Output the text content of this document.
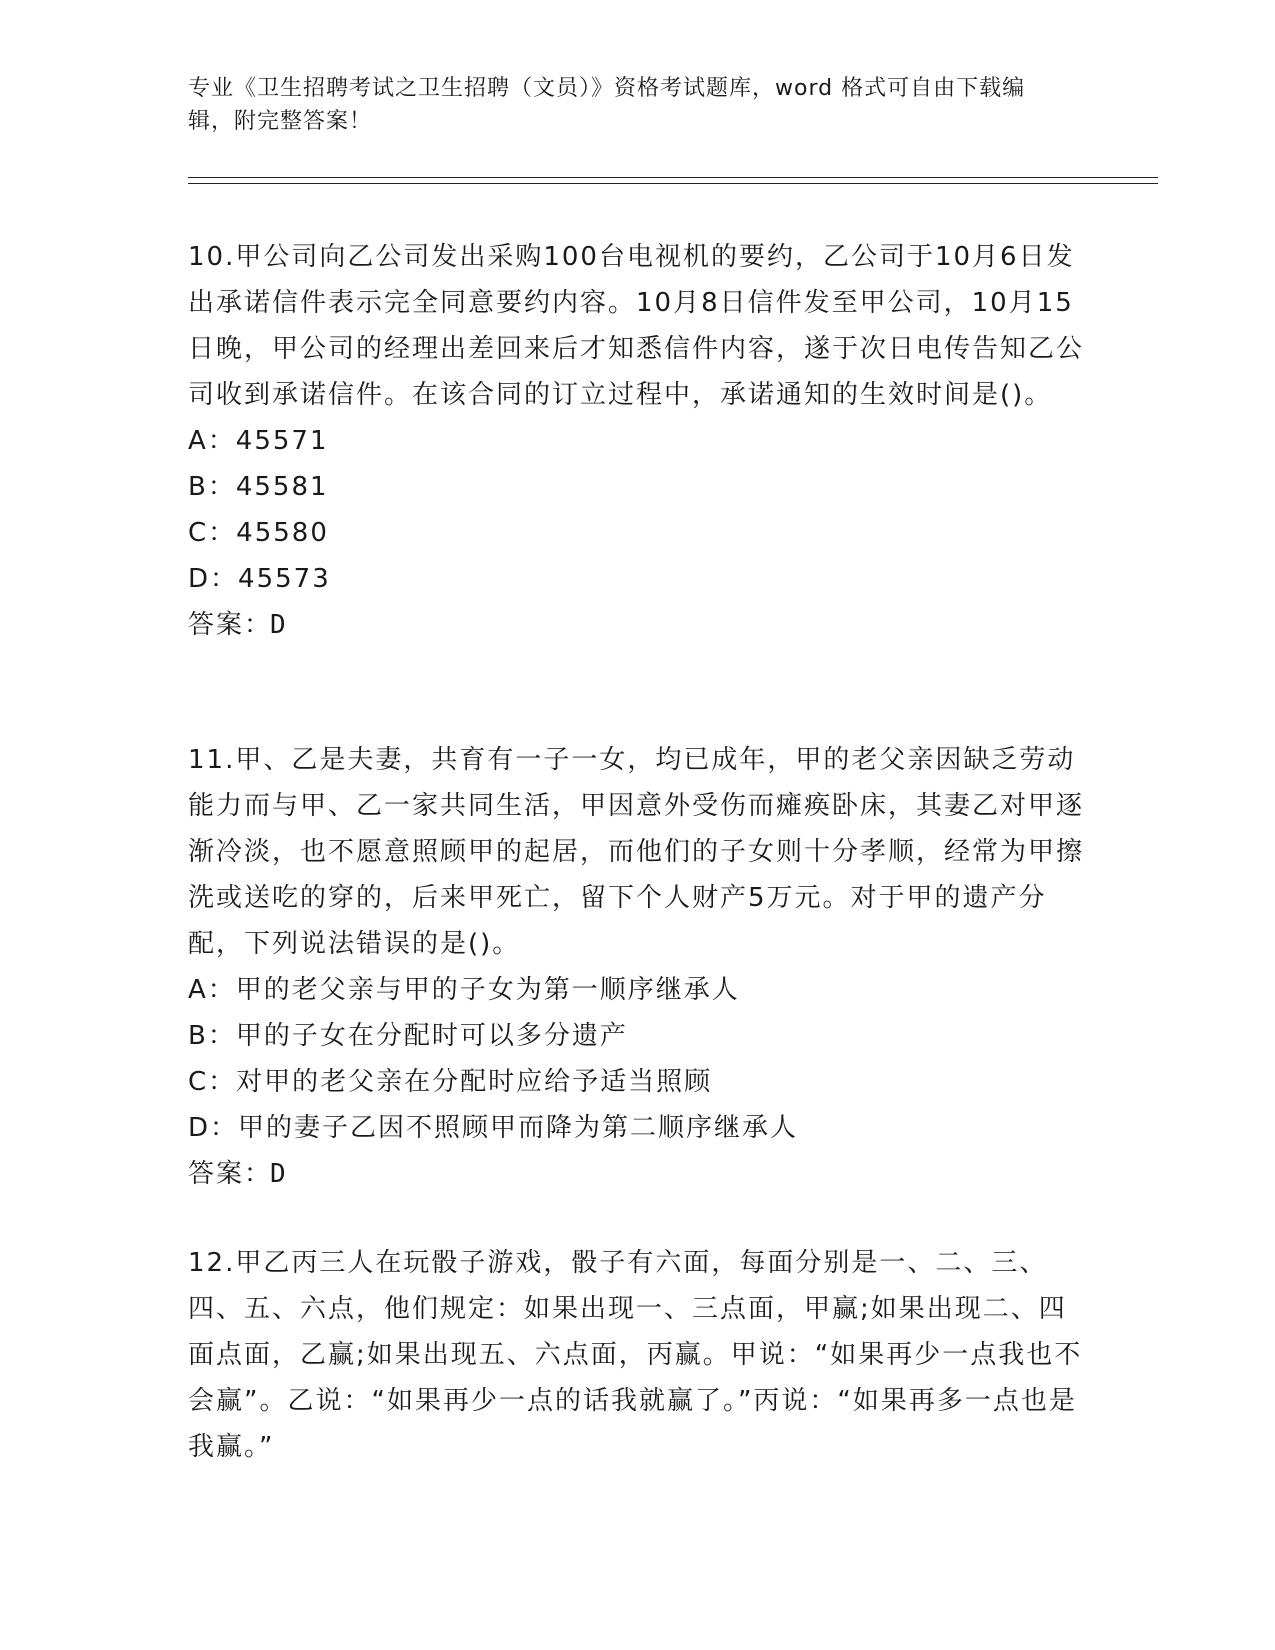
专业《卫生招聘考试之卫生招聘（文员）》资格考试题库，word 格式可自由下载编辑，附完整答案！

10.甲公司向乙公司发出采购100台电视机的要约，乙公司于10月6日发出承诺信件表示完全同意要约内容。10月8日信件发至甲公司，10月15日晚，甲公司的经理出差回来后才知悉信件内容，遂于次日电传告知乙公司收到承诺信件。在该合同的订立过程中，承诺通知的生效时间是()。

A：45571

B：45581

C：45580

D：45573

答案：D

11.甲、乙是夫妻，共育有一子一女，均已成年，甲的老父亲因缺乏劳动能力而与甲、乙一家共同生活，甲因意外受伤而瘫痪卧床，其妻乙对甲逐渐冷淡，也不愿意照顾甲的起居，而他们的子女则十分孝顺，经常为甲擦洗或送吃的穿的，后来甲死亡，留下个人财产5万元。对于甲的遗产分配，下列说法错误的是()。

A：甲的老父亲与甲的子女为第一顺序继承人

B：甲的子女在分配时可以多分遗产

C：对甲的老父亲在分配时应给予适当照顾

D：甲的妻子乙因不照顾甲而降为第二顺序继承人

答案：D

12.甲乙丙三人在玩骰子游戏，骰子有六面，每面分别是一、二、三、四、五、六点，他们规定：如果出现一、三点面，甲赢;如果出现二、四面点面，乙赢;如果出现五、六点面，丙赢。甲说：“如果再少一点我也不会赢”。乙说：“如果再少一点的话我就赢了。”丙说：“如果再多一点也是我赢。”
